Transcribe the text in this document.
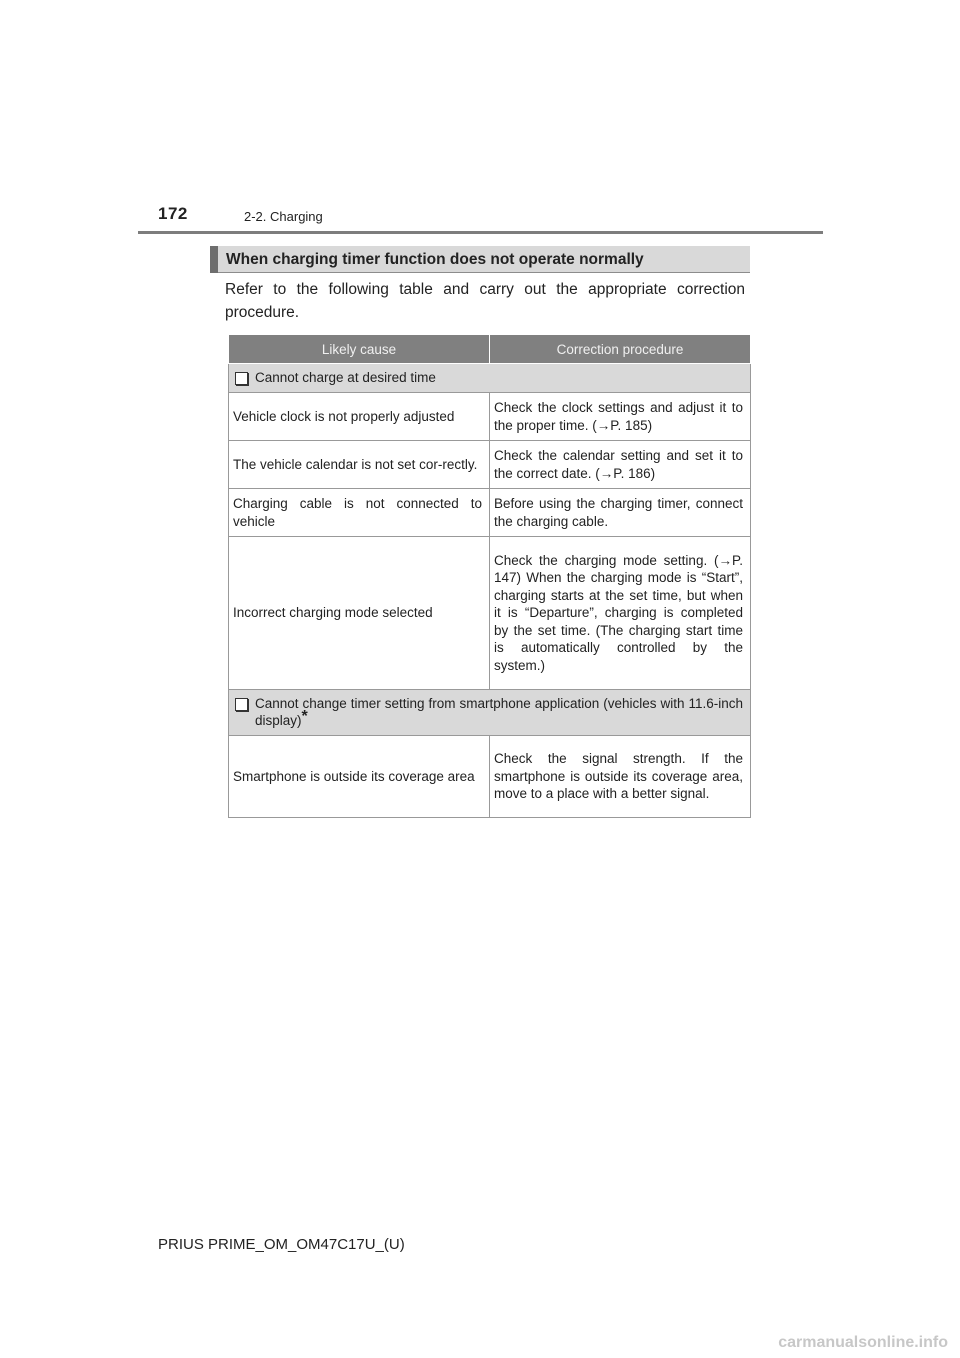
172	2-2. Charging
When charging timer function does not operate normally

Refer to the following table and carry out the appropriate correction procedure.

Likely cause	Correction procedure

Cannot charge at desired time	

Vehicle clock is not properly adjusted	Check the clock settings and adjust it to the proper time. (→P. 185)
The vehicle calendar is not set cor-rectly.	Check the calendar setting and set it to the correct date. (→P. 186)
Charging cable is not connected to vehicle	Before using the charging timer, connect the charging cable.
Incorrect charging mode selected	Check the charging mode setting. (→P. 147) When the charging mode is “Start”, charging starts at the set time, but when it is “Departure”, charging is completed by the set time. (The charging start time is automatically controlled by the system.)

Cannot change timer setting from smartphone application (vehicles with 11.6-inch display)*	

Smartphone is outside its coverage area	Check the signal strength. If the smartphone is outside its coverage area, move to a place with a better signal.
PRIUS PRIME_OM_OM47C17U_(U)
carmanualsonline.info
